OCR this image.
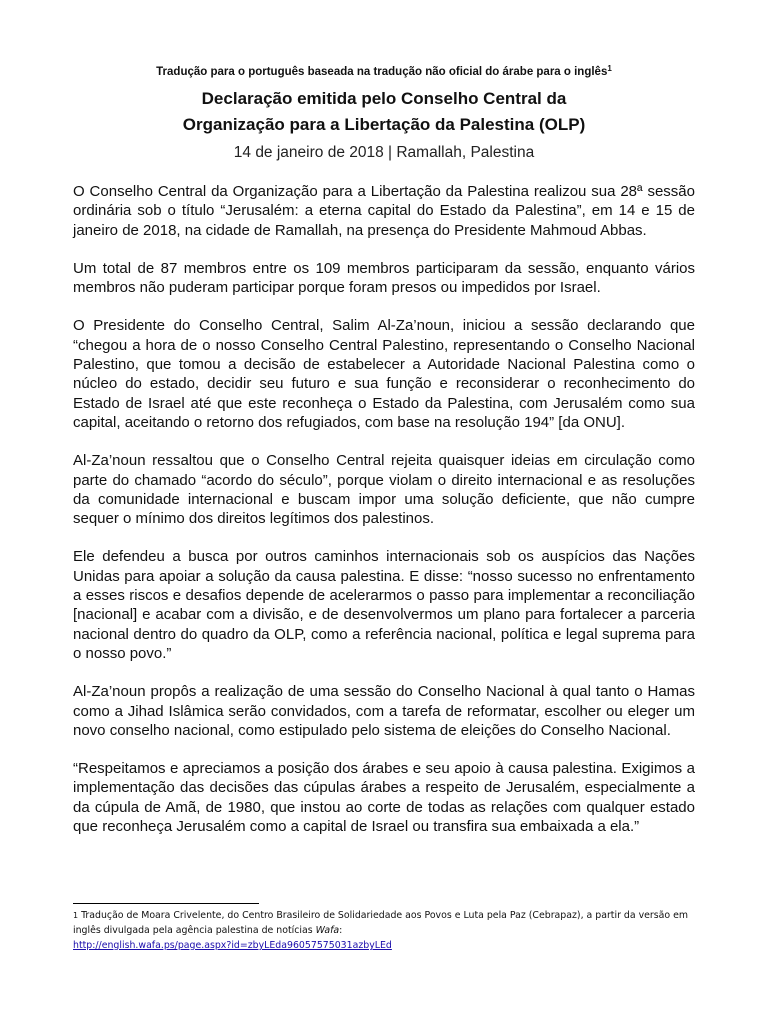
Tradução para o português baseada na tradução não oficial do árabe para o inglês$^1$

Declaração emitida pelo Conselho Central da
Organização para a Libertação da Palestina (OLP)

14 de janeiro de 2018 | Ramallah, Palestina

O Conselho Central da Organização para a Libertação da Palestina realizou sua 28ª sessão ordinária sob o título “Jerusalém: a eterna capital do Estado da Palestina”, em 14 e 15 de janeiro de 2018, na cidade de Ramallah, na presença do Presidente Mahmoud Abbas.

Um total de 87 membros entre os 109 membros participaram da sessão, enquanto vários membros não puderam participar porque foram presos ou impedidos por Israel.

O Presidente do Conselho Central, Salim Al-Za’noun, iniciou a sessão declarando que “chegou a hora de o nosso Conselho Central Palestino, representando o Conselho Nacional Palestino, que tomou a decisão de estabelecer a Autoridade Nacional Palestina como o núcleo do estado, decidir seu futuro e sua função e reconsiderar o reconhecimento do Estado de Israel até que este reconheça o Estado da Palestina, com Jerusalém como sua capital, aceitando o retorno dos refugiados, com base na resolução 194” [da ONU].

Al-Za’noun ressaltou que o Conselho Central rejeita quaisquer ideias em circulação como parte do chamado “acordo do século”, porque violam o direito internacional e as resoluções da comunidade internacional e buscam impor uma solução deficiente, que não cumpre sequer o mínimo dos direitos legítimos dos palestinos.

Ele defendeu a busca por outros caminhos internacionais sob os auspícios das Nações Unidas para apoiar a solução da causa palestina. E disse: “nosso sucesso no enfrentamento a esses riscos e desafios depende de acelerarmos o passo para implementar a reconciliação [nacional] e acabar com a divisão, e de desenvolvermos um plano para fortalecer a parceria nacional dentro do quadro da OLP, como a referência nacional, política e legal suprema para o nosso povo.”

Al-Za’noun propôs a realização de uma sessão do Conselho Nacional à qual tanto o Hamas como a Jihad Islâmica serão convidados, com a tarefa de reformatar, escolher ou eleger um novo conselho nacional, como estipulado pelo sistema de eleições do Conselho Nacional.

“Respeitamos e apreciamos a posição dos árabes e seu apoio à causa palestina. Exigimos a implementação das decisões das cúpulas árabes a respeito de Jerusalém, especialmente a da cúpula de Amã, de 1980, que instou ao corte de todas as relações com qualquer estado que reconheça Jerusalém como a capital de Israel ou transfira sua embaixada a ela.”

1 Tradução de Moara Crivelente, do Centro Brasileiro de Solidariedade aos Povos e Luta pela Paz (Cebrapaz), a partir da versão em inglês divulgada pela agência palestina de notícias Wafa:
http://english.wafa.ps/page.aspx?id=zbyLEda96057575031azbyLEd
